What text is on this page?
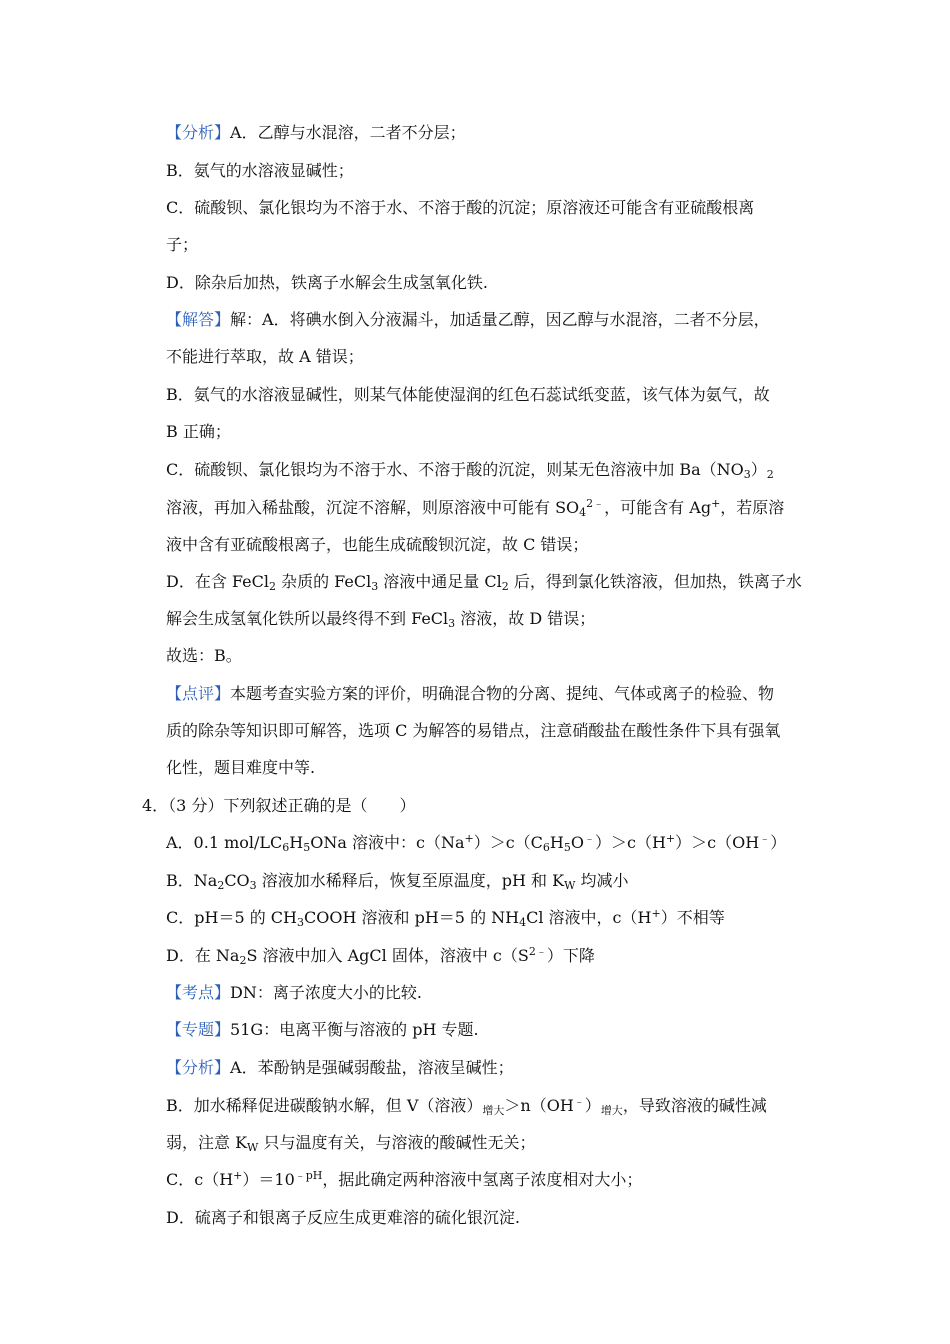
【分析】A．乙醇与水混溶，二者不分层；
B．氨气的水溶液显碱性；
C．硫酸钡、氯化银均为不溶于水、不溶于酸的沉淀；原溶液还可能含有亚硫酸根离
子；
D．除杂后加热，铁离子水解会生成氢氧化铁.
【解答】解：A．将碘水倒入分液漏斗，加适量乙醇，因乙醇与水混溶，二者不分层，
不能进行萃取，故 A 错误；
B．氨气的水溶液显碱性，则某气体能使湿润的红色石蕊试纸变蓝，该气体为氨气，故
B 正确；
C．硫酸钡、氯化银均为不溶于水、不溶于酸的沉淀，则某无色溶液中加 $Ba(NO_3)_2$
溶液，再加入稀盐酸，沉淀不溶解，则原溶液中可能有 $SO_4^{2﹣}$，可能含有 Ag+，若原溶
液中含有亚硫酸根离子，也能生成硫酸钡沉淀，故 C 错误；
D．在含 FeCl$_2$ 杂质的 FeCl$_3$ 溶液中通足量 $Cl_2$ 后，得到氯化铁溶液，但加热，铁离子水
解会生成氢氧化铁所以最终得不到 FeCl$_3$ 溶液，故 D 错误；
故选：B。
【点评】本题考查实验方案的评价，明确混合物的分离、提纯、气体或离子的检验、物
质的除杂等知识即可解答，选项 C 为解答的易错点，注意硝酸盐在酸性条件下具有强氧
化性，题目难度中等.
4．（3 分）下列叙述正确的是（　　）
A．0.1 mol/$LC_6H_5ONa$ 溶液中：$c(Na^+)>c(C_6H_5O^﹣)>c(H^+)>c(OH^﹣)$
B．$Na_2CO_3$ 溶液加水稀释后，恢复至原温度，pH 和 $K_W$ 均减小
C．pH＝5 的 $CH_3COOH$ 溶液和 pH＝5 的 $NH_4Cl$ 溶液中，c（H+）不相等
D．在 $Na_2S$ 溶液中加入 AgCl 固体，溶液中 $c(S^{2﹣})$下降
【考点】DN：离子浓度大小的比较.
【专题】51G：电离平衡与溶液的 pH 专题.
【分析】A．苯酚钠是强碱弱酸盐，溶液呈碱性；
B．加水稀释促进碳酸钠水解，但 V（溶液）增大＞n（OH﹣）增大，导致溶液的碱性减
弱，注意 $K_W$ 只与温度有关，与溶液的酸碱性无关；
C．$c(H^+)=10^{﹣pH}$，据此确定两种溶液中氢离子浓度相对大小；
D．硫离子和银离子反应生成更难溶的硫化银沉淀.
